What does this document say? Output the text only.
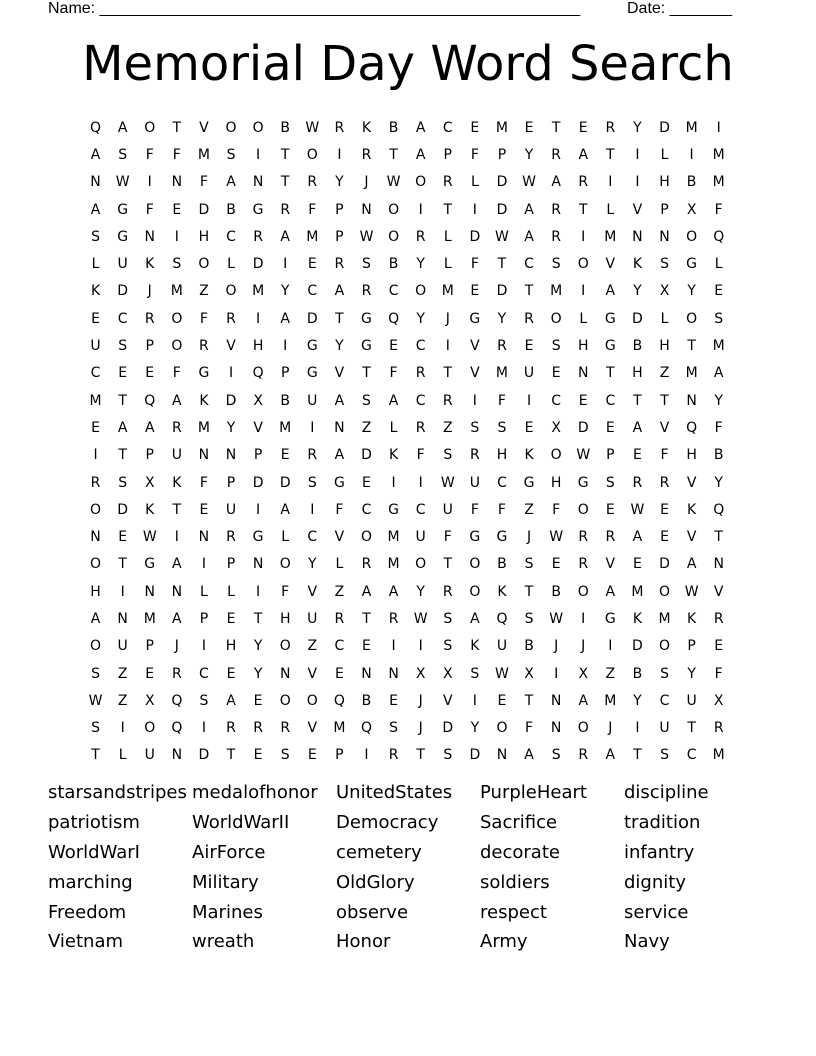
Name: ______________________________________________________	Date: _______
Memorial Day Word Search
Q	A	O	T	V	O	O	B	W	R	K	B	A	C	E	M	E	T	E	R	Y	D	M	I
A	S	F	F	M	S	I	T	O	I	R	T	A	P	F	P	Y	R	A	T	I	L	I	M
N	W	I	N	F	A	N	T	R	Y	J	W	O	R	L	D	W	A	R	I	I	H	B	M
A	G	F	E	D	B	G	R	F	P	N	O	I	T	I	D	A	R	T	L	V	P	X	F
S	G	N	I	H	C	R	A	M	P	W	O	R	L	D	W	A	R	I	M	N	N	O	Q
L	U	K	S	O	L	D	I	E	R	S	B	Y	L	F	T	C	S	O	V	K	S	G	L
K	D	J	M	Z	O	M	Y	C	A	R	C	O	M	E	D	T	M	I	A	Y	X	Y	E
E	C	R	O	F	R	I	A	D	T	G	Q	Y	J	G	Y	R	O	L	G	D	L	O	S
U	S	P	O	R	V	H	I	G	Y	G	E	C	I	V	R	E	S	H	G	B	H	T	M
C	E	E	F	G	I	Q	P	G	V	T	F	R	T	V	M	U	E	N	T	H	Z	M	A
M	T	Q	A	K	D	X	B	U	A	S	A	C	R	I	F	I	C	E	C	T	T	N	Y
E	A	A	R	M	Y	V	M	I	N	Z	L	R	Z	S	S	E	X	D	E	A	V	Q	F
I	T	P	U	N	N	P	E	R	A	D	K	F	S	R	H	K	O	W	P	E	F	H	B
R	S	X	K	F	P	D	D	S	G	E	I	I	W	U	C	G	H	G	S	R	R	V	Y
O	D	K	T	E	U	I	A	I	F	C	G	C	U	F	F	Z	F	O	E	W	E	K	Q
N	E	W	I	N	R	G	L	C	V	O	M	U	F	G	G	J	W	R	R	A	E	V	T
O	T	G	A	I	P	N	O	Y	L	R	M	O	T	O	B	S	E	R	V	E	D	A	N
H	I	N	N	L	L	I	F	V	Z	A	A	Y	R	O	K	T	B	O	A	M	O	W	V
A	N	M	A	P	E	T	H	U	R	T	R	W	S	A	Q	S	W	I	G	K	M	K	R
O	U	P	J	I	H	Y	O	Z	C	E	I	I	S	K	U	B	J	J	I	D	O	P	E
S	Z	E	R	C	E	Y	N	V	E	N	N	X	X	S	W	X	I	X	Z	B	S	Y	F
W	Z	X	Q	S	A	E	O	O	Q	B	E	J	V	I	E	T	N	A	M	Y	C	U	X
S	I	O	Q	I	R	R	R	V	M	Q	S	J	D	Y	O	F	N	O	J	I	U	T	R
T	L	U	N	D	T	E	S	E	P	I	R	T	S	D	N	A	S	R	A	T	S	C	M
starsandstripes medalofhonor	UnitedStates	PurpleHeart	discipline
patriotism	WorldWarII	Democracy	Sacrifice	tradition
WorldWarI	AirForce	cemetery	decorate	infantry
marching	Military	OldGlory	soldiers	dignity
Freedom	Marines	observe	respect	service
Vietnam	wreath	Honor	Army	Navy
